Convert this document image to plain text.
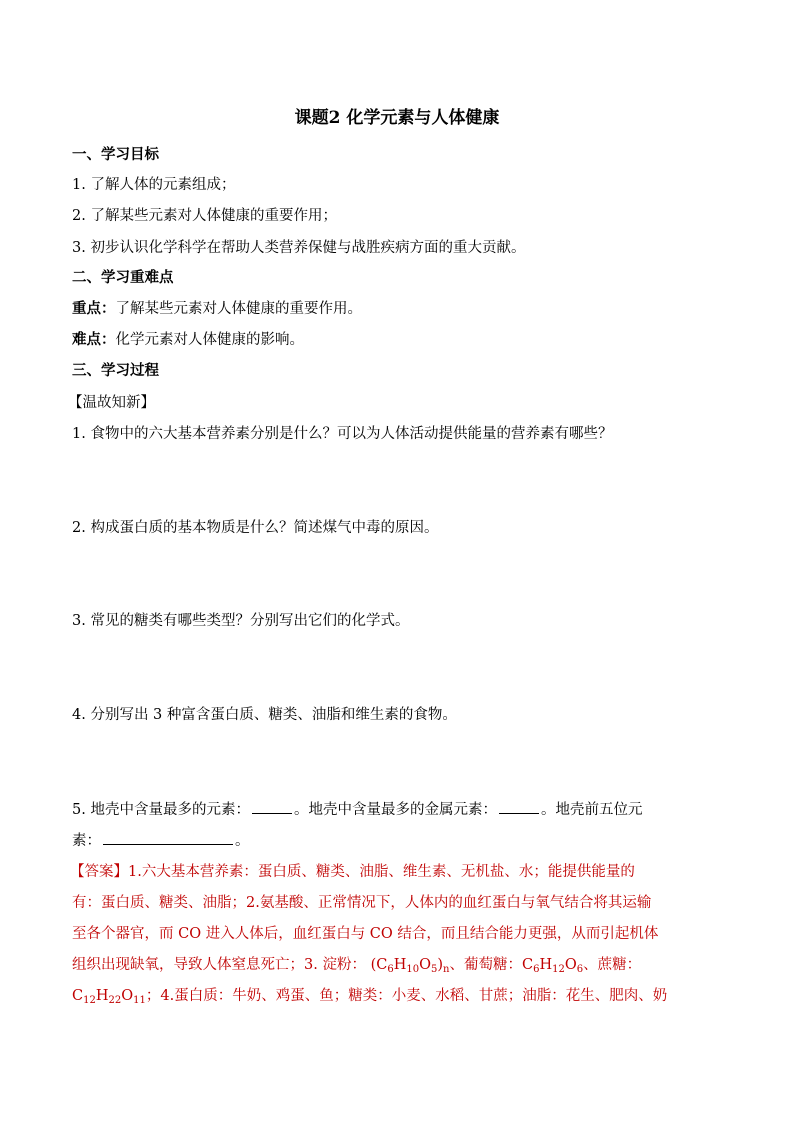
课题2 化学元素与人体健康
一、学习目标
1. 了解人体的元素组成；
2. 了解某些元素对人体健康的重要作用；
3. 初步认识化学科学在帮助人类营养保健与战胜疾病方面的重大贡献。
二、学习重难点
重点：了解某些元素对人体健康的重要作用。
难点：化学元素对人体健康的影响。
三、学习过程
【温故知新】
1. 食物中的六大基本营养素分别是什么？可以为人体活动提供能量的营养素有哪些？
2. 构成蛋白质的基本物质是什么？简述煤气中毒的原因。
3. 常见的糖类有哪些类型？分别写出它们的化学式。
4. 分别写出 3 种富含蛋白质、糖类、油脂和维生素的食物。
5. 地壳中含量最多的元素：	。地壳中含量最多的金属元素：	。地壳前五位元
素：	。
【答案】1.六大基本营养素：蛋白质、糖类、油脂、维生素、无机盐、水；能提供能量的
有：蛋白质、糖类、油脂；2.氨基酸、正常情况下，人体内的血红蛋白与氧气结合将其运输
至各个器官，而 CO 进入人体后，血红蛋白与 CO 结合，而且结合能力更强，从而引起机体
组织出现缺氧，导致人体窒息死亡；3. 淀粉： $(C_6H_{10}O_5)_n$、葡萄糖：$C_6H_{12}O_6$、蔗糖：
$C_{12}H_{22}O_{11}$；4.蛋白质：牛奶、鸡蛋、鱼；糖类：小麦、水稻、甘蔗；油脂：花生、肥肉、奶
